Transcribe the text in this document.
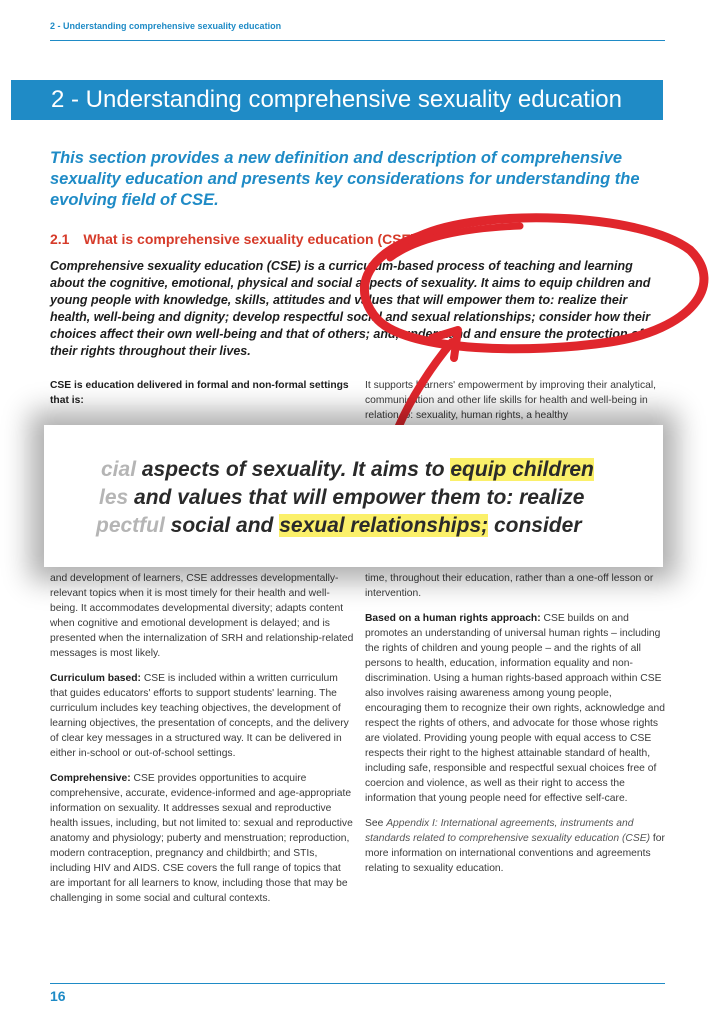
2 - Understanding comprehensive sexuality education
2 - Understanding comprehensive sexuality education
This section provides a new definition and description of comprehensive sexuality education and presents key considerations for understanding the evolving field of CSE.
2.1 What is comprehensive sexuality education (CSE)?
Comprehensive sexuality education (CSE) is a curriculum-based process of teaching and learning about the cognitive, emotional, physical and social aspects of sexuality. It aims to equip children and young people with knowledge, skills, attitudes and values that will empower them to: realize their health, well-being and dignity; develop respectful social and sexual relationships; consider how their choices affect their own well-being and that of others; and, understand and ensure the protection of their rights throughout their lives.
CSE is education delivered in formal and non-formal settings that is:
It supports learners' empowerment by improving their analytical, communication and other life skills for health and well-being in relation to: sexuality, human rights, a healthy

and development of learners, CSE addresses developmentally-relevant topics when it is most timely for their health and well-being. It accommodates developmental diversity; adapts content when cognitive and emotional development is delayed; and is presented when the internalization of SRH and relationship-related messages is most likely.

Curriculum based: CSE is included within a written curriculum that guides educators' efforts to support students' learning. The curriculum includes key teaching objectives, the development of learning objectives, the presentation of concepts, and the delivery of clear key messages in a structured way. It can be delivered in either in-school or out-of-school settings.

Comprehensive: CSE provides opportunities to acquire comprehensive, accurate, evidence-informed and age-appropriate information on sexuality. It addresses sexual and reproductive health issues, including, but not limited to: sexual and reproductive anatomy and physiology; puberty and menstruation; reproduction, modern contraception, pregnancy and childbirth; and STIs, including HIV and AIDS. CSE covers the full range of topics that are important for all learners to know, including those that may be challenging in some social and cultural contexts.

time, throughout their education, rather than a one-off lesson or intervention.

Based on a human rights approach: CSE builds on and promotes an understanding of universal human rights – including the rights of children and young people – and the rights of all persons to health, education, information equality and non-discrimination. Using a human rights-based approach within CSE also involves raising awareness among young people, encouraging them to recognize their own rights, acknowledge and respect the rights of others, and advocate for those whose rights are violated. Providing young people with equal access to CSE respects their right to the highest attainable standard of health, including safe, responsible and respectful sexual choices free of coercion and violence, as well as their right to access the information that young people need for effective self-care.

See Appendix I: International agreements, instruments and standards related to comprehensive sexuality education (CSE) for more information on international conventions and agreements relating to sexuality education.

cial aspects of sexuality. It aims to equip children
les and values that will empower them to: realize
pectful social and sexual relationships; consider
16
